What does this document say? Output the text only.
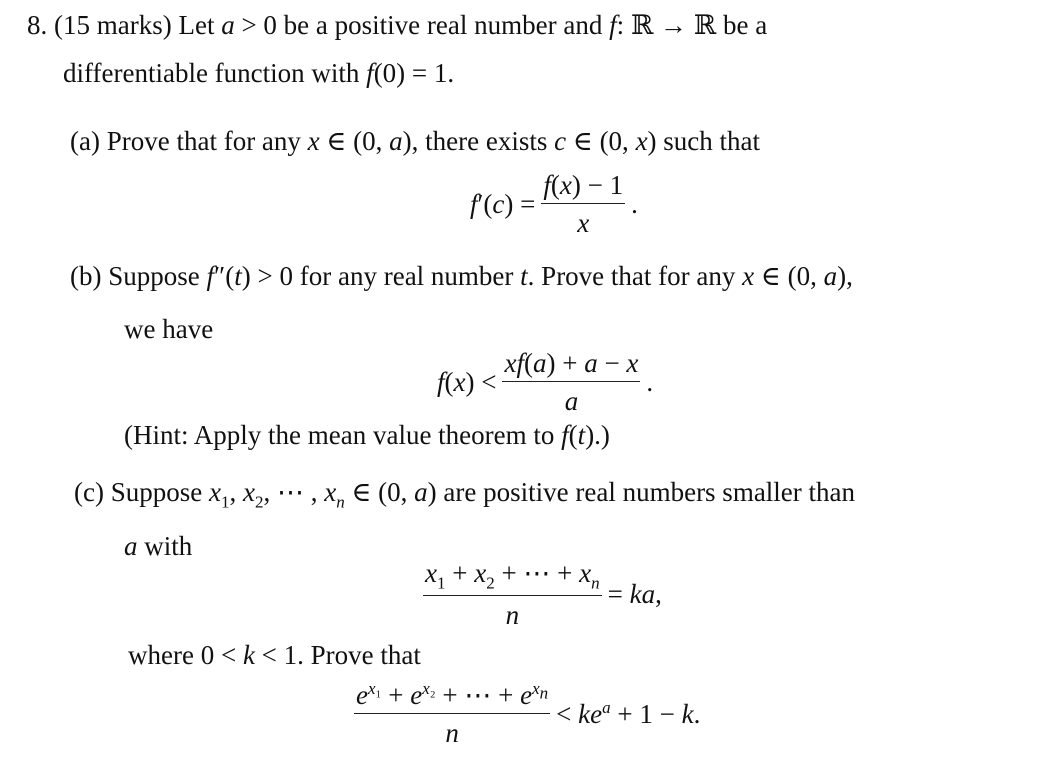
8. (15 marks) Let a > 0 be a positive real number and f: ℝ → ℝ be a
differentiable function with f(0) = 1.
(a) Prove that for any x ∈ (0, a), there exists c ∈ (0, x) such that
$f'(c) = \frac{f(x) - 1}{x}$ .
(b) Suppose f″(t) > 0 for any real number t. Prove that for any x ∈ (0, a),
we have
$f(x) < \frac{xf(a) + a - x}{a}$ .
(Hint: Apply the mean value theorem to f(t).)
(c) Suppose $x_1$, $x_2$, ⋯ , $x_n$ ∈ (0, a) are positive real numbers smaller than
a with
$\frac{x_1 + x_2 + \cdots + x_n}{n}$ = ka,
where 0 < k < 1. Prove that
$\frac{e^{x_1} + e^{x_2} + \cdots + e^{x_n}}{n} < ke^a + 1 - k$.
